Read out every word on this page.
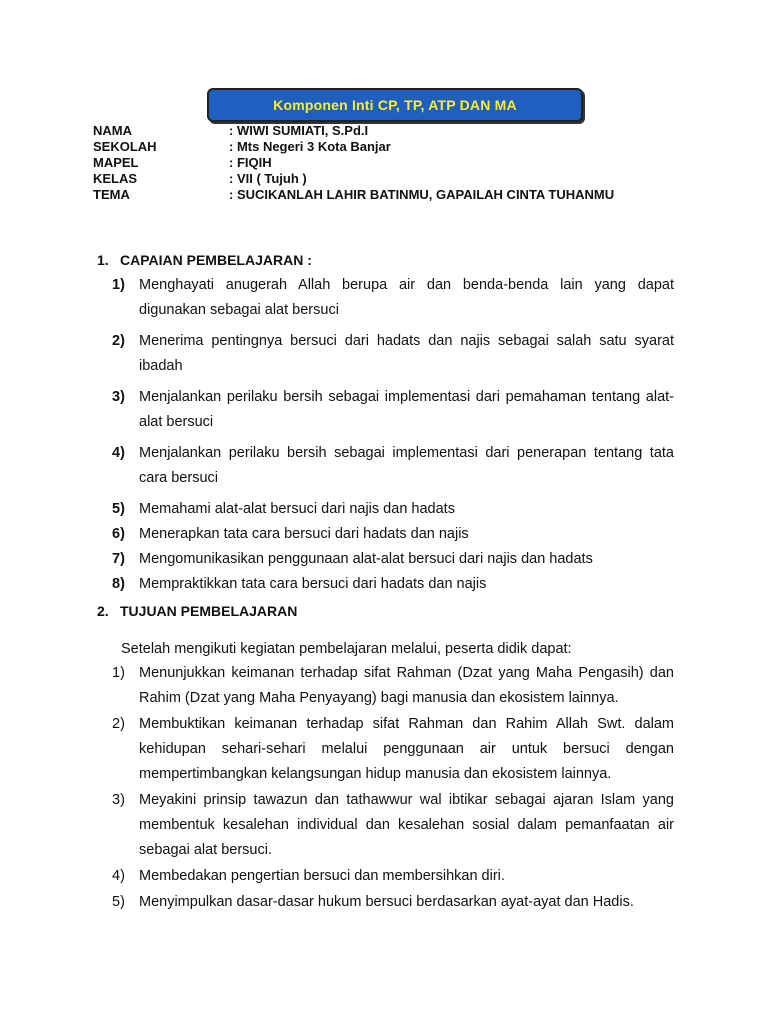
Komponen Inti CP, TP, ATP DAN MA
NAMA	: WIWI SUMIATI, S.Pd.I
SEKOLAH	: Mts Negeri 3 Kota Banjar
MAPEL	: FIQIH
KELAS	: VII ( Tujuh )
TEMA	: SUCIKANLAH LAHIR BATINMU, GAPAILAH CINTA TUHANMU
1. CAPAIAN PEMBELAJARAN :
1) Menghayati anugerah Allah berupa air dan benda-benda lain yang dapat digunakan sebagai alat bersuci
2) Menerima pentingnya bersuci dari hadats dan najis sebagai salah satu syarat ibadah
3) Menjalankan perilaku bersih sebagai implementasi dari pemahaman tentang alat-alat bersuci
4) Menjalankan perilaku bersih sebagai implementasi dari penerapan tentang tata cara bersuci
5) Memahami alat-alat bersuci dari najis dan hadats
6) Menerapkan tata cara bersuci dari hadats dan najis
7) Mengomunikasikan penggunaan alat-alat bersuci dari najis dan hadats
8) Mempraktikkan tata cara bersuci dari hadats dan najis
2. TUJUAN PEMBELAJARAN
Setelah mengikuti kegiatan pembelajaran melalui, peserta didik dapat:
1) Menunjukkan keimanan terhadap sifat Rahman (Dzat yang Maha Pengasih) dan Rahim (Dzat yang Maha Penyayang) bagi manusia dan ekosistem lainnya.
2) Membuktikan keimanan terhadap sifat Rahman dan Rahim Allah Swt. dalam kehidupan sehari-sehari melalui penggunaan air untuk bersuci dengan mempertimbangkan kelangsungan hidup manusia dan ekosistem lainnya.
3) Meyakini prinsip tawazun dan tathawwur wal ibtikar sebagai ajaran Islam yang membentuk kesalehan individual dan kesalehan sosial dalam pemanfaatan air sebagai alat bersuci.
4) Membedakan pengertian bersuci dan membersihkan diri.
5) Menyimpulkan dasar-dasar hukum bersuci berdasarkan ayat-ayat dan Hadis.
